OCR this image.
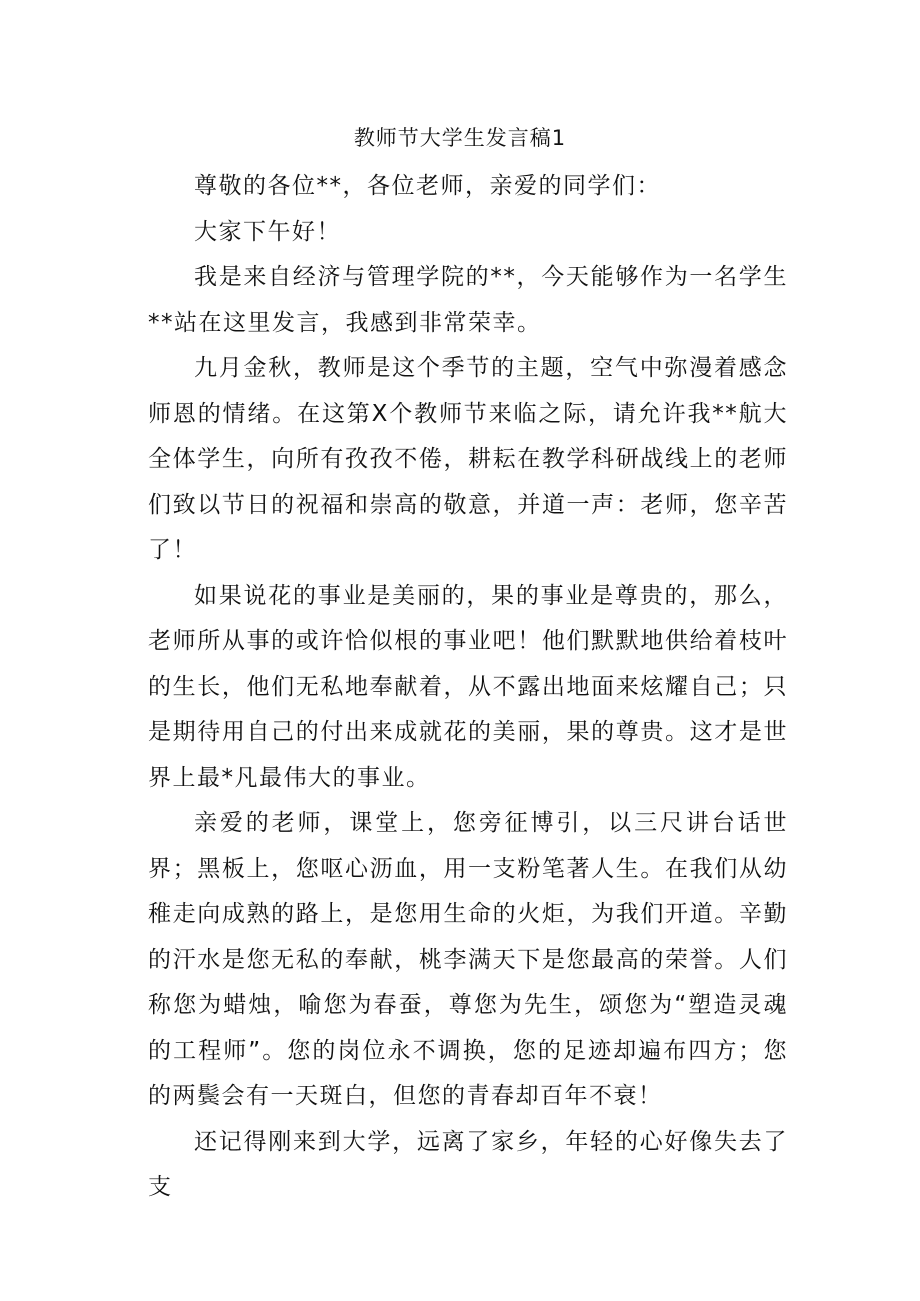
教师节大学生发言稿1

尊敬的各位**，各位老师，亲爱的同学们：

大家下午好！

我是来自经济与管理学院的**，今天能够作为一名学生**站在这里发言，我感到非常荣幸。

九月金秋，教师是这个季节的主题，空气中弥漫着感念师恩的情绪。在这第X个教师节来临之际，请允许我**航大全体学生，向所有孜孜不倦，耕耘在教学科研战线上的老师们致以节日的祝福和崇高的敬意，并道一声：老师，您辛苦了！

如果说花的事业是美丽的，果的事业是尊贵的，那么，老师所从事的或许恰似根的事业吧！他们默默地供给着枝叶的生长，他们无私地奉献着，从不露出地面来炫耀自己；只是期待用自己的付出来成就花的美丽，果的尊贵。这才是世界上最*凡最伟大的事业。

亲爱的老师，课堂上，您旁征博引，以三尺讲台话世界；黑板上，您呕心沥血，用一支粉笔著人生。在我们从幼稚走向成熟的路上，是您用生命的火炬，为我们开道。辛勤的汗水是您无私的奉献，桃李满天下是您最高的荣誉。人们称您为蜡烛，喻您为春蚕，尊您为先生，颂您为“塑造灵魂的工程师”。您的岗位永不调换，您的足迹却遍布四方；您的两鬓会有一天斑白，但您的青春却百年不衰！

还记得刚来到大学，远离了家乡，年轻的心好像失去了支
